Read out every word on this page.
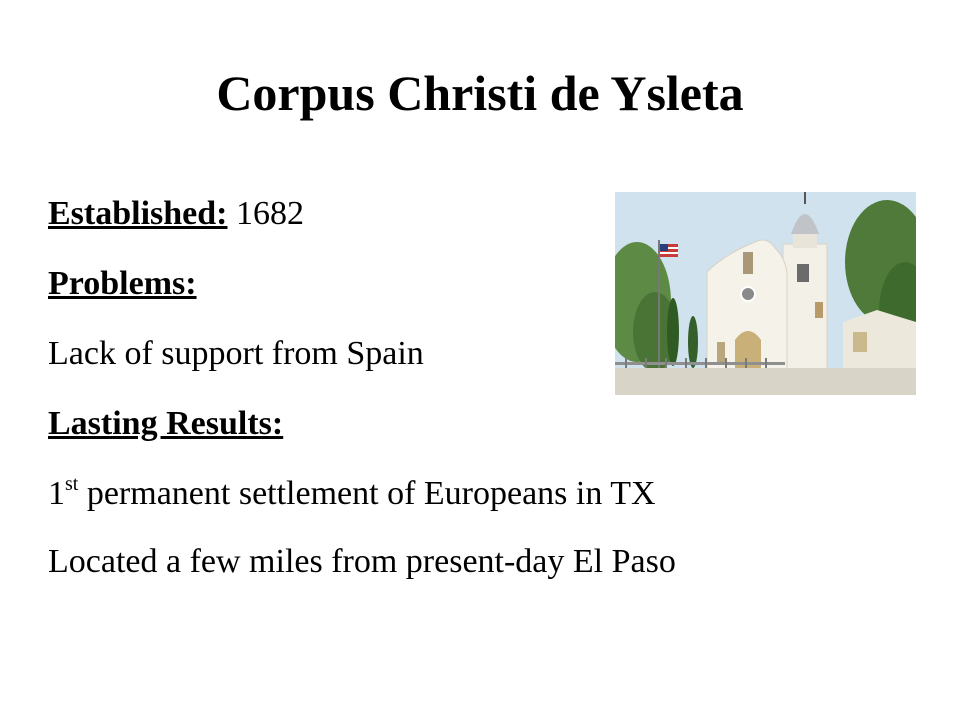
Corpus Christi de Ysleta
Established: 1682
Problems:
Lack of support from Spain
Lasting Results:
1st permanent settlement of Europeans in TX
Located a few miles from present-day El Paso
